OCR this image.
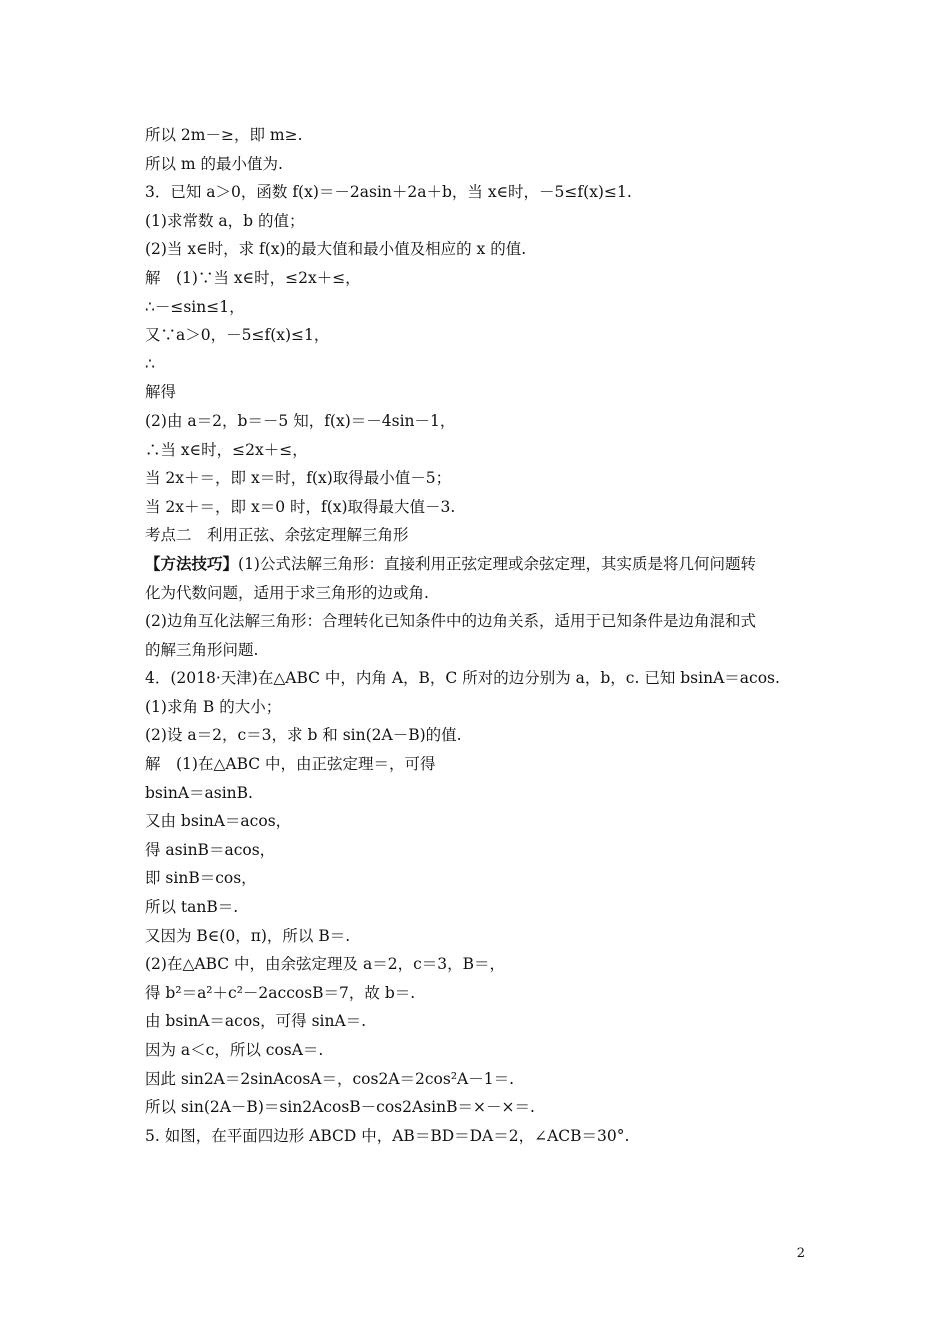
所以 2m－≥，即 m≥.
所以 m 的最小值为.
3．已知 a＞0，函数 f(x)＝－2asin＋2a＋b，当 x∈时，－5≤f(x)≤1.
(1)求常数 a，b 的值；
(2)当 x∈时，求 f(x)的最大值和最小值及相应的 x 的值.
解　(1)∵当 x∈时，≤2x＋≤，
∴－≤sin≤1，
又∵a＞0，－5≤f(x)≤1，
∴
解得
(2)由 a＝2，b＝－5 知，f(x)＝－4sin－1，
∴当 x∈时，≤2x＋≤，
当 2x＋＝，即 x＝时，f(x)取得最小值－5；
当 2x＋＝，即 x＝0 时，f(x)取得最大值－3.
考点二　利用正弦、余弦定理解三角形
【方法技巧】(1)公式法解三角形：直接利用正弦定理或余弦定理，其实质是将几何问题转
化为代数问题，适用于求三角形的边或角.
(2)边角互化法解三角形：合理转化已知条件中的边角关系，适用于已知条件是边角混和式
的解三角形问题.
4．(2018·天津)在△ABC 中，内角 A，B，C 所对的边分别为 a，b，c. 已知 bsinA＝acos.
(1)求角 B 的大小；
(2)设 a＝2，c＝3，求 b 和 sin(2A－B)的值.
解　(1)在△ABC 中，由正弦定理＝，可得
bsinA＝asinB.
又由 bsinA＝acos，
得 asinB＝acos，
即 sinB＝cos，
所以 tanB＝.
又因为 B∈(0，π)，所以 B＝.
(2)在△ABC 中，由余弦定理及 a＝2，c＝3，B＝，
得 b²＝a²＋c²－2accosB＝7，故 b＝.
由 bsinA＝acos，可得 sinA＝.
因为 a＜c，所以 cosA＝.
因此 sin2A＝2sinAcosA＝，cos2A＝2cos²A－1＝.
所以 sin(2A－B)＝sin2AcosB－cos2AsinB＝×－×＝.
5. 如图，在平面四边形 ABCD 中，AB＝BD＝DA＝2，∠ACB＝30°.
2
